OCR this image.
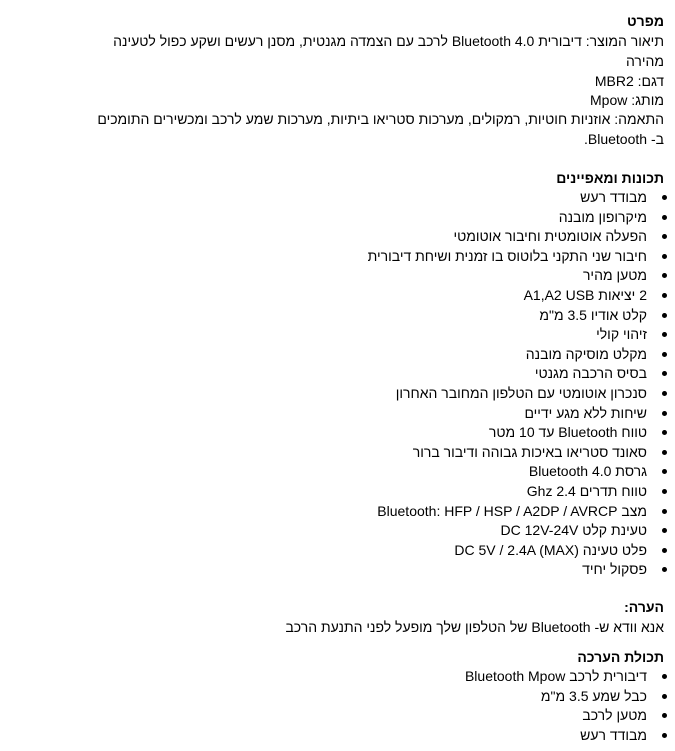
מפרט
תיאור המוצר: דיבורית Bluetooth 4.0 לרכב עם הצמדה מגנטית, מסנן רעשים ושקע כפול לטעינה מהירה
דגם: MBR2
מותג: Mpow
התאמה: אוזניות חוטיות, רמקולים, מערכות סטריאו ביתיות, מערכות שמע לרכב ומכשירים התומכים ב- Bluetooth.
תכונות ומאפיינים
מבודד רעש
מיקרופון מובנה
הפעלה אוטומטית וחיבור אוטומטי
חיבור שני התקני בלוטוס בו זמנית ושיחת דיבורית
מטען מהיר
2 יציאות A1,A2 USB
קלט אודיו 3.5 מ"מ
זיהוי קולי
מקלט מוסיקה מובנה
בסיס הרכבה מגנטי
סנכרון אוטומטי עם הטלפון המחובר האחרון
שיחות ללא מגע ידיים
טווח Bluetooth עד 10 מטר
סאונד סטריאו באיכות גבוהה ודיבור ברור
גרסת Bluetooth 4.0
טווח תדרים 2.4 Ghz
מצב Bluetooth: HFP / HSP / A2DP / AVRCP
טעינת קלט DC 12V-24V
פלט טעינה DC 5V / 2.4A (MAX)
פסקול יחיד
הערה:
אנא וודא ש- Bluetooth של הטלפון שלך מופעל לפני התנעת הרכב
תכולת הערכה
דיבורית לרכב Bluetooth Mpow
כבל שמע 3.5 מ"מ
מטען לרכב
מבודד רעש
